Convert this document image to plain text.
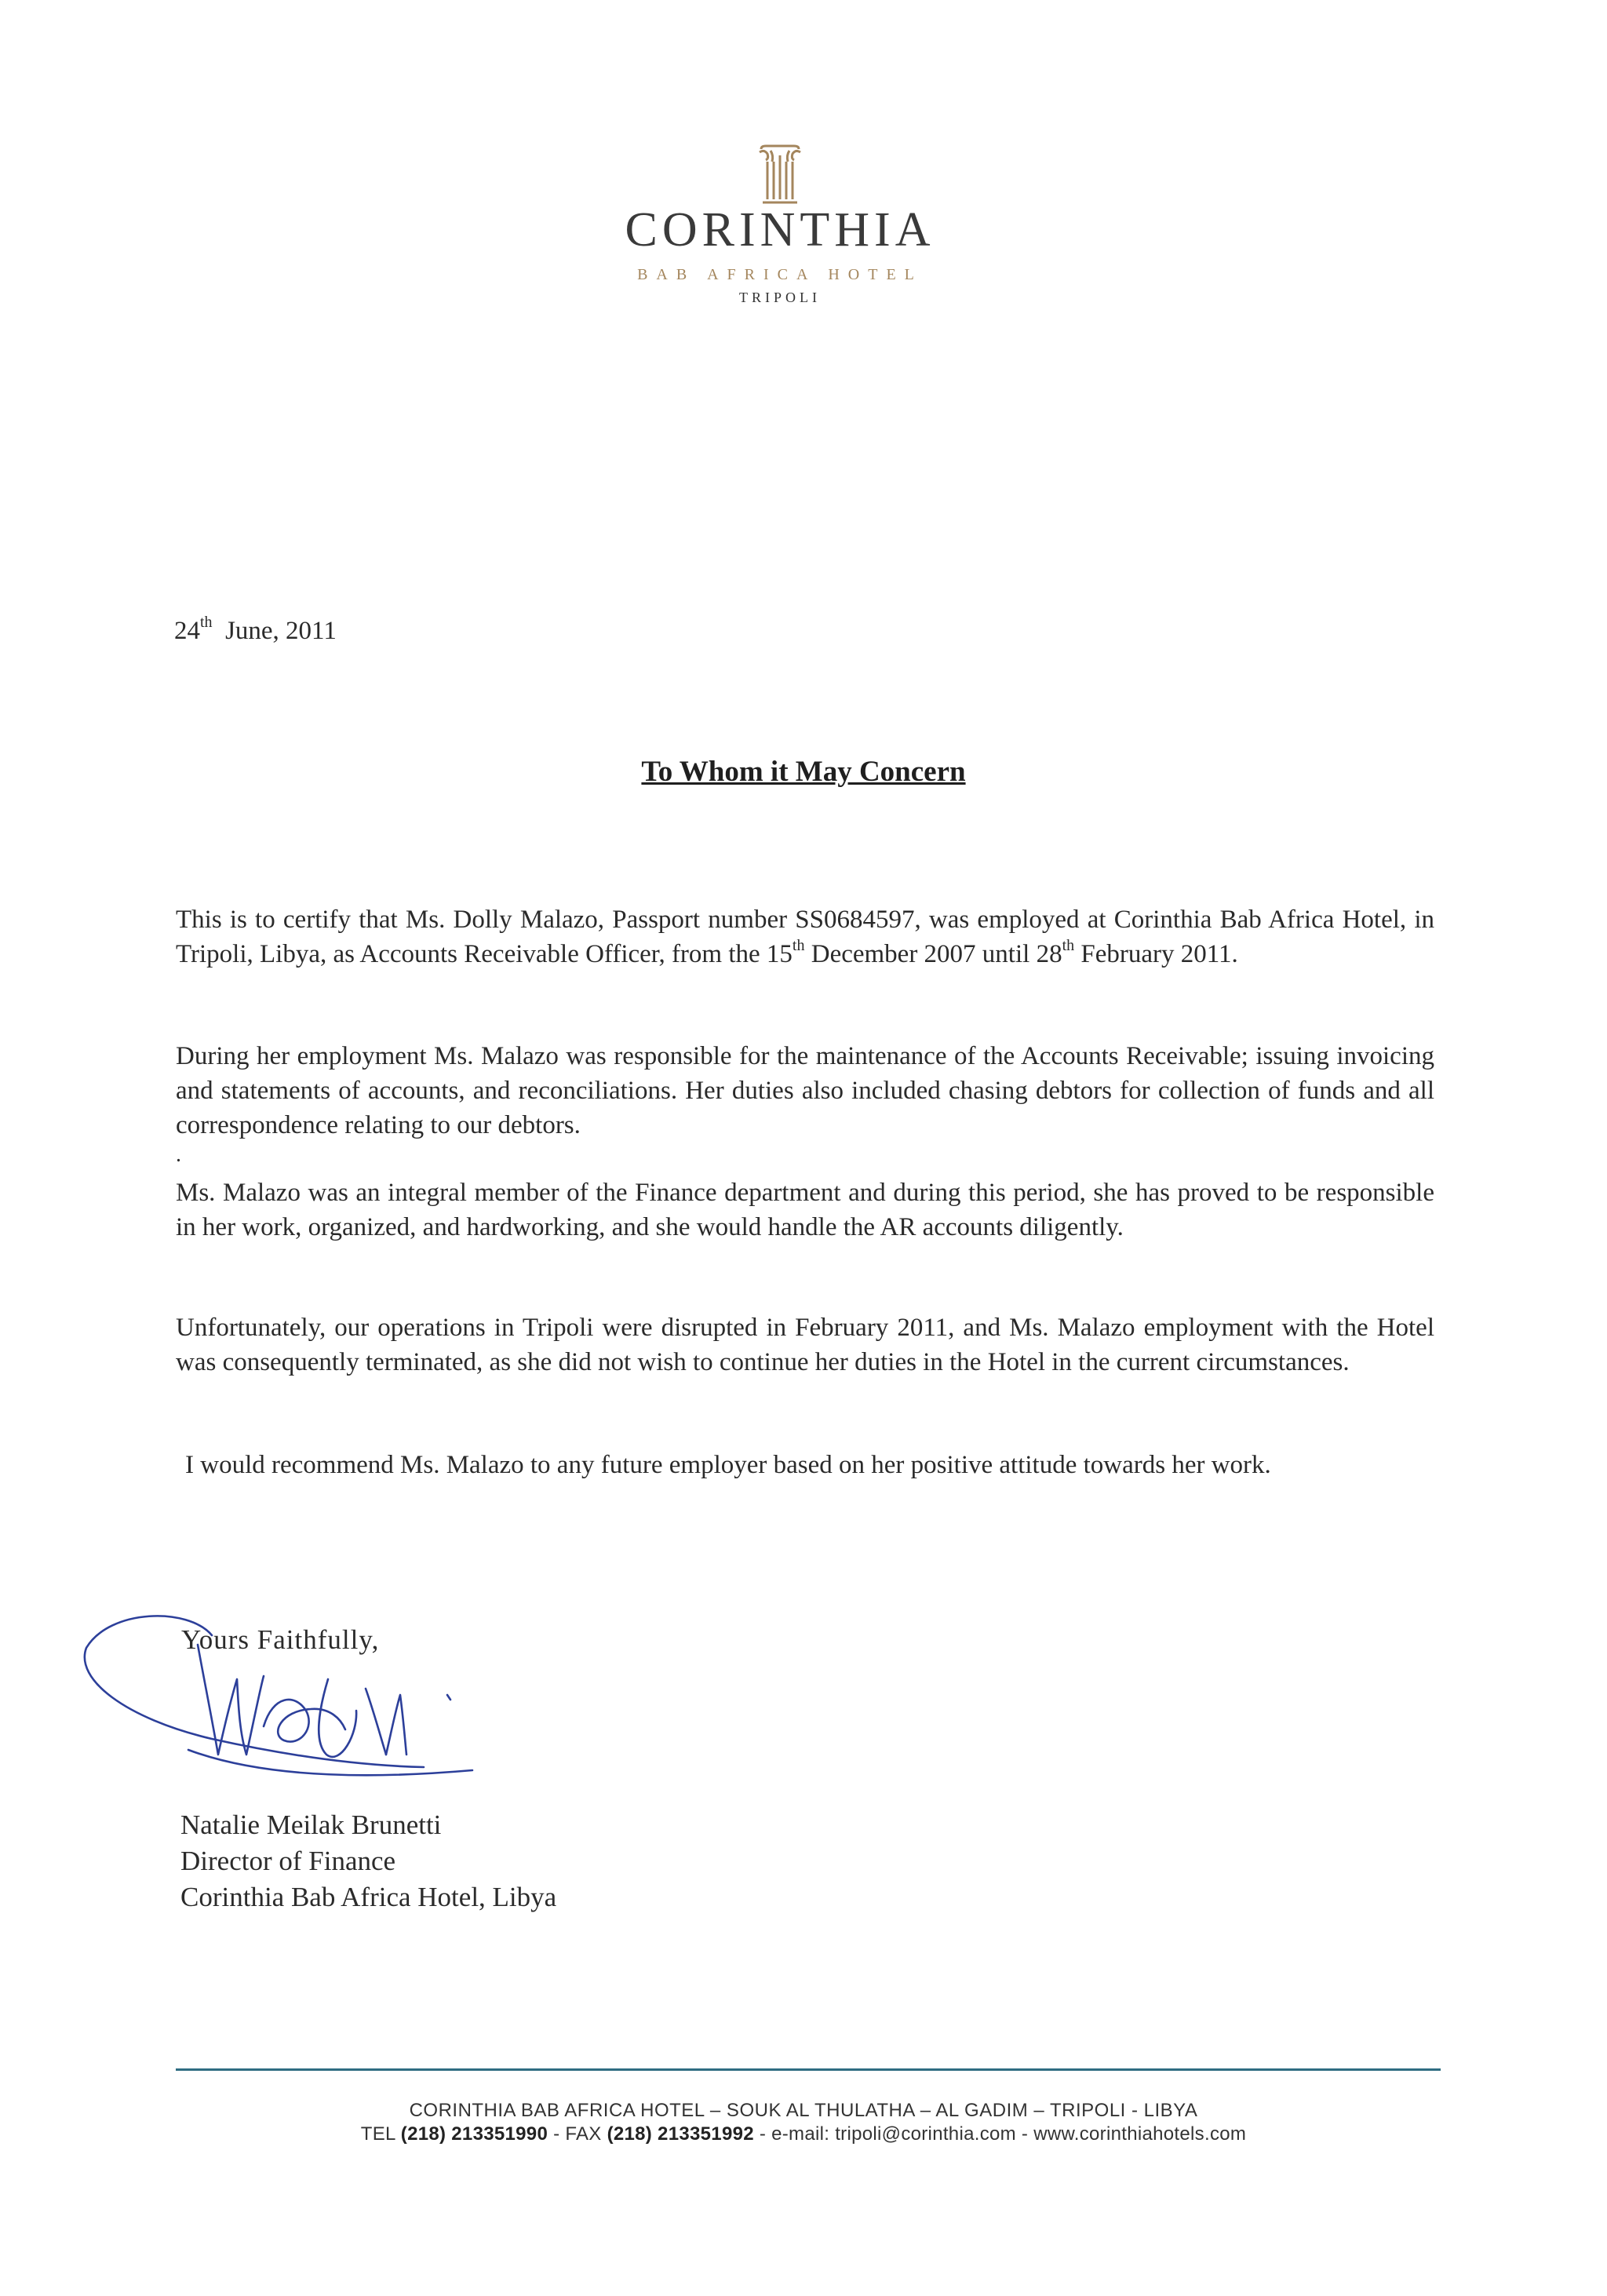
CORINTHIA
BAB AFRICA HOTEL
TRIPOLI
24th June, 2011
To Whom it May Concern
This is to certify that Ms. Dolly Malazo, Passport number SS0684597, was employed at Corinthia Bab Africa Hotel, in Tripoli, Libya, as Accounts Receivable Officer, from the 15th December 2007 until 28th February 2011.
During her employment Ms. Malazo was responsible for the maintenance of the Accounts Receivable; issuing invoicing and statements of accounts, and reconciliations. Her duties also included chasing debtors for collection of funds and all correspondence relating to our debtors.
.
Ms. Malazo was an integral member of the Finance department and during this period, she has proved to be responsible in her work, organized, and hardworking, and she would handle the AR accounts diligently.
Unfortunately, our operations in Tripoli were disrupted in February 2011, and Ms. Malazo employment with the Hotel was consequently terminated, as she did not wish to continue her duties in the Hotel in the current circumstances.
I would recommend Ms. Malazo to any future employer based on her positive attitude towards her work.
Yours Faithfully,
Natalie Meilak Brunetti
Director of Finance
Corinthia Bab Africa Hotel, Libya
CORINTHIA BAB AFRICA HOTEL – SOUK AL THULATHA – AL GADIM – TRIPOLI - LIBYA
TEL (218) 213351990 - FAX (218) 213351992 - e-mail: tripoli@corinthia.com - www.corinthiahotels.com
